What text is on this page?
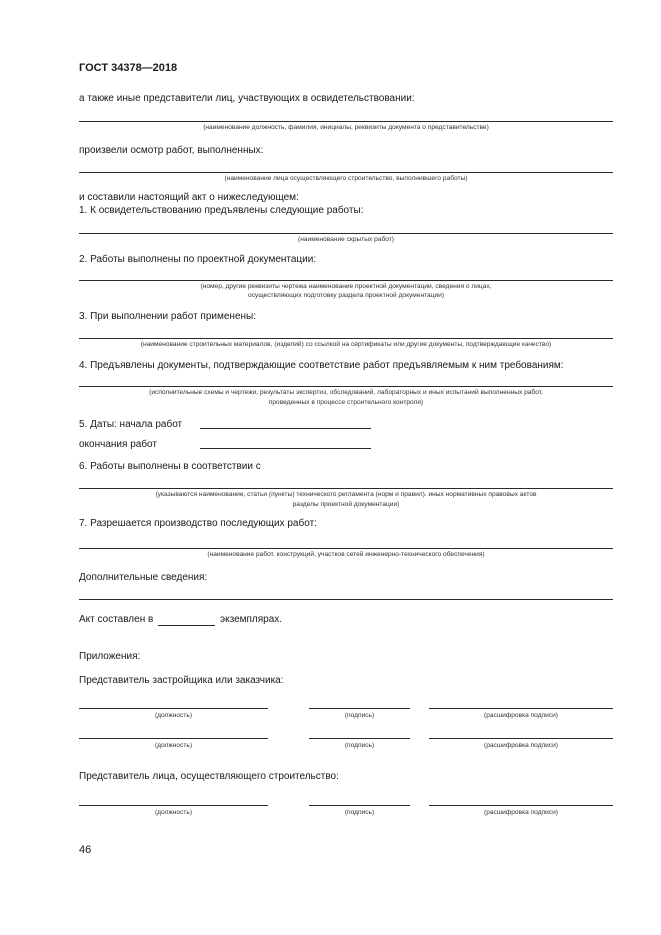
ГОСТ 34378—2018
а также иные представители лиц, участвующих в освидетельствовании:
(наименование должность, фамилия, инициалы, реквизиты документа о представительстве)
произвели осмотр работ, выполненных:
(наименование лица осуществляющего строительство, выполнившего работы)
и составили настоящий акт о нижеследующем:
1. К освидетельствованию предъявлены следующие работы:
(наименование скрытых работ)
2. Работы выполнены по проектной документации:
(номер, другие реквизиты чертежа наименование проектной документации, сведения о лицах,
осуществляющих подготовку раздела проектной документации)
3. При выполнении работ применены:
(наименование строительных материалов, (изделий) со ссылкой на сертификаты или другие документы, подтверждающие качество)
4. Предъявлены документы, подтверждающие соответствие работ предъявляемым к ним требованиям:
(исполнительные схемы и чертежи, результаты экспертиз, обследований, лабораторных и иных испытаний выполненных работ,
проведенных в процессе строительного контроля)
5. Даты: начала работ
окончания работ
6. Работы выполнены в соответствии с
(указываются наименование, статьи (пункты) технического регламента (норм и правил). иных нормативных правовых актов
разделы проектной документации)
7. Разрешается производство последующих работ:
(наименование работ. конструкций, участков сетей инженерно-технического обеспечения)
Дополнительные сведения:
Акт составлен в	экземплярах.
Приложения:
Представитель застройщика или заказчика:
(должность)	(подпись)	(расшифровка подписи)
(должность)	(подпись)	(расшифровка подписи)
Представитель лица, осуществляющего строительство:
(должность)	(подпись)	(расшифровка подписи)
46
